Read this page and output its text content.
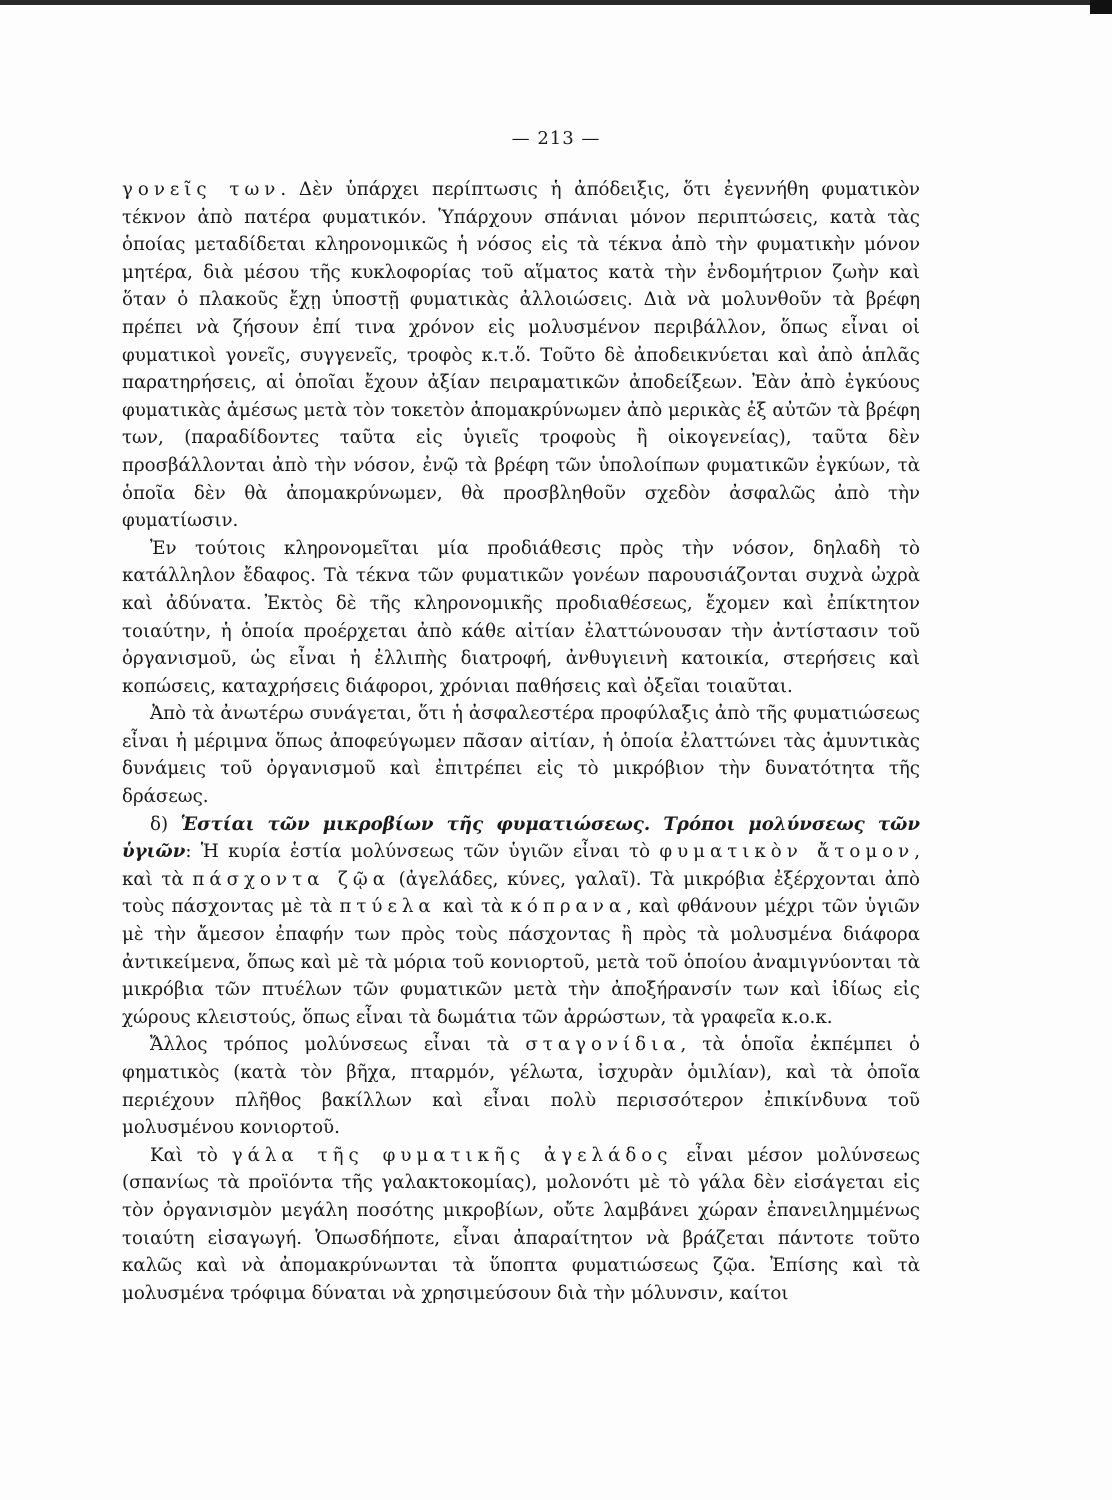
— 213 —

γονεῖς των. Δὲν ὑπάρχει περίπτωσις ἡ ἀπόδειξις, ὅτι ἐγεννήθη φυματικὸν τέκνον ἀπὸ πατέρα φυματικόν. Ὑπάρχουν σπάνιαι μόνον περιπτώσεις, κατὰ τὰς ὁποίας μεταδίδεται κληρονομικῶς ἡ νόσος εἰς τὰ τέκνα ἀπὸ τὴν φυματικὴν μόνον μητέρα, διὰ μέσου τῆς κυκλοφορίας τοῦ αἵματος κατὰ τὴν ἐνδομήτριον ζωὴν καὶ ὅταν ὁ πλακοῦς ἔχῃ ὑποστῇ φυματικὰς ἀλλοιώσεις. Διὰ νὰ μολυνθοῦν τὰ βρέφη πρέπει νὰ ζήσουν ἐπί τινα χρόνον εἰς μολυσμένον περιβάλλον, ὅπως εἶναι οἱ φυματικοὶ γονεῖς, συγγενεῖς, τροφὸς κ.τ.ὅ. Τοῦτο δὲ ἀποδεικνύεται καὶ ἀπὸ ἁπλᾶς παρατηρήσεις, αἱ ὁποῖαι ἔχουν ἀξίαν πειραματικῶν ἀποδείξεων. Ἐὰν ἀπὸ ἐγκύους φυματικὰς ἀμέσως μετὰ τὸν τοκετὸν ἀπομακρύνωμεν ἀπὸ μερικὰς ἐξ αὐτῶν τὰ βρέφη των, (παραδίδοντες ταῦτα εἰς ὑγιεῖς τροφοὺς ἢ οἰκογενείας), ταῦτα δὲν προσβάλλονται ἀπὸ τὴν νόσον, ἐνῷ τὰ βρέφη τῶν ὑπολοίπων φυματικῶν ἐγκύων, τὰ ὁποῖα δὲν θὰ ἀπομακρύνωμεν, θὰ προσβληθοῦν σχεδὸν ἀσφαλῶς ἀπὸ τὴν φυματίωσιν.

Ἐν τούτοις κληρονομεῖται μία προδιάθεσις πρὸς τὴν νόσον, δηλαδὴ τὸ κατάλληλον ἔδαφος. Τὰ τέκνα τῶν φυματικῶν γονέων παρουσιάζονται συχνὰ ὠχρὰ καὶ ἀδύνατα. Ἐκτὸς δὲ τῆς κληρονομικῆς προδιαθέσεως, ἔχομεν καὶ ἐπίκτητον τοιαύτην, ἡ ὁποία προέρχεται ἀπὸ κάθε αἰτίαν ἐλαττώνουσαν τὴν ἀντίστασιν τοῦ ὀργανισμοῦ, ὡς εἶναι ἡ ἐλλιπὴς διατροφή, ἀνθυγιεινὴ κατοικία, στερήσεις καὶ κοπώσεις, καταχρήσεις διάφοροι, χρόνιαι παθήσεις καὶ ὀξεῖαι τοιαῦται.

Ἀπὸ τὰ ἀνωτέρω συνάγεται, ὅτι ἡ ἀσφαλεστέρα προφύλαξις ἀπὸ τῆς φυματιώσεως εἶναι ἡ μέριμνα ὅπως ἀποφεύγωμεν πᾶσαν αἰτίαν, ἡ ὁποία ἐλαττώνει τὰς ἀμυντικὰς δυνάμεις τοῦ ὀργανισμοῦ καὶ ἐπιτρέπει εἰς τὸ μικρόβιον τὴν δυνατότητα τῆς δράσεως.

δ) Ἑστίαι τῶν μικροβίων τῆς φυματιώσεως. Τρόποι μολύνσεως τῶν ὑγιῶν: Ἡ κυρία ἑστία μολύνσεως τῶν ὑγιῶν εἶναι τὸ φυματικὸν ἄτομον, καὶ τὰ πάσχοντα ζῷα (ἀγελάδες, κύνες, γαλαῖ). Τὰ μικρόβια ἐξέρχονται ἀπὸ τοὺς πάσχοντας μὲ τὰ πτύελα καὶ τὰ κόπρανα, καὶ φθάνουν μέχρι τῶν ὑγιῶν μὲ τὴν ἄμεσον ἐπαφήν των πρὸς τοὺς πάσχοντας ἢ πρὸς τὰ μολυσμένα διάφορα ἀντικείμενα, ὅπως καὶ μὲ τὰ μόρια τοῦ κονιορτοῦ, μετὰ τοῦ ὁποίου ἀναμιγνύονται τὰ μικρόβια τῶν πτυέλων τῶν φυματικῶν μετὰ τὴν ἀποξήρανσίν των καὶ ἰδίως εἰς χώρους κλειστούς, ὅπως εἶναι τὰ δωμάτια τῶν ἀρρώστων, τὰ γραφεῖα κ.ο.κ.

Ἄλλος τρόπος μολύνσεως εἶναι τὰ σταγονίδια, τὰ ὁποῖα ἐκπέμπει ὁ φηματικὸς (κατὰ τὸν βῆχα, πταρμόν, γέλωτα, ἰσχυρὰν ὁμιλίαν), καὶ τὰ ὁποῖα περιέχουν πλῆθος βακίλλων καὶ εἶναι πολὺ περισσότερον ἐπικίνδυνα τοῦ μολυσμένου κονιορτοῦ.

Καὶ τὸ γάλα τῆς φυματικῆς ἀγελάδος εἶναι μέσον μολύνσεως (σπανίως τὰ προϊόντα τῆς γαλακτοκομίας), μολονότι μὲ τὸ γάλα δὲν εἰσάγεται εἰς τὸν ὀργανισμὸν μεγάλη ποσότης μικροβίων, οὔτε λαμβάνει χώραν ἐπανειλημμένως τοιαύτη εἰσαγωγή. Ὁπωσδήποτε, εἶναι ἀπαραίτητον νὰ βράζεται πάντοτε τοῦτο καλῶς καὶ νὰ ἀπομακρύνωνται τὰ ὕποπτα φυματιώσεως ζῷα. Ἐπίσης καὶ τὰ μολυσμένα τρόφιμα δύναται νὰ χρησιμεύσουν διὰ τὴν μόλυνσιν, καίτοι
